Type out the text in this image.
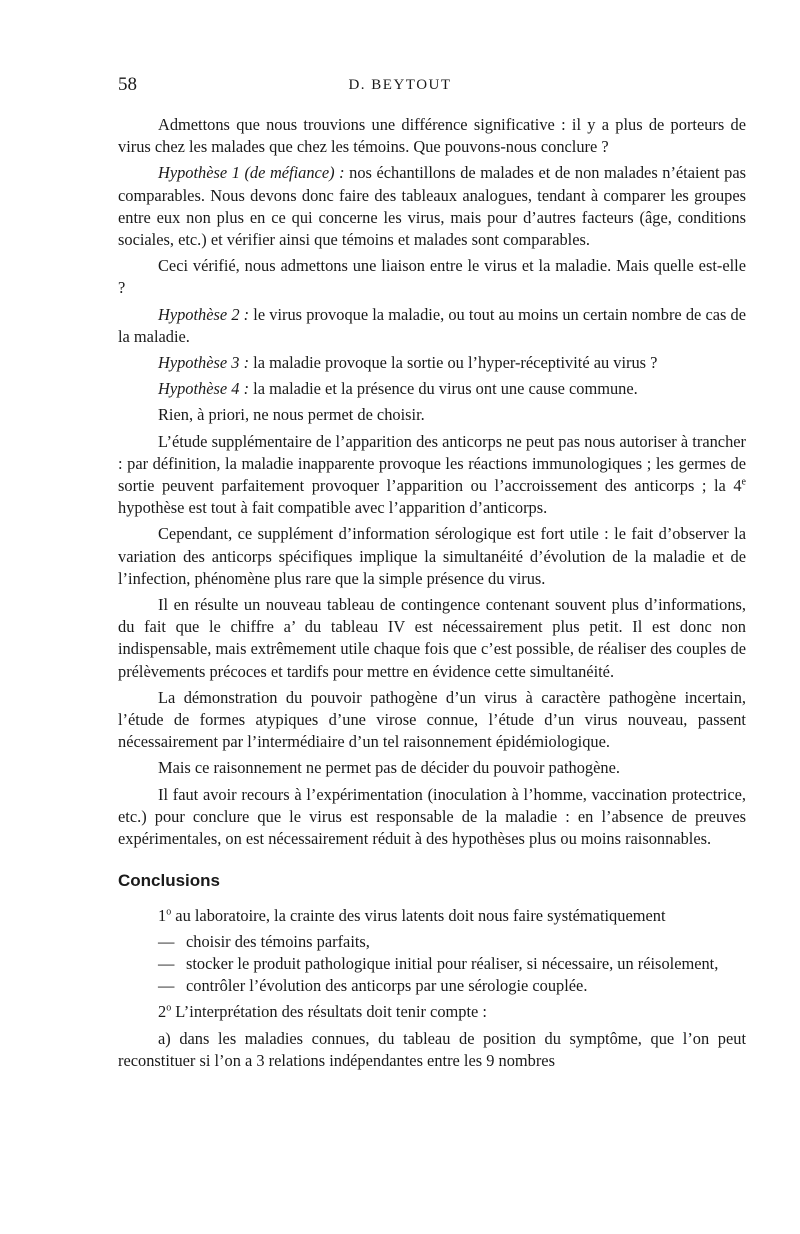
58	D. BEYTOUT

Admettons que nous trouvions une différence significative : il y a plus de porteurs de virus chez les malades que chez les témoins. Que pouvons-nous conclure ?

Hypothèse 1 (de méfiance) : nos échantillons de malades et de non malades n’étaient pas comparables. Nous devons donc faire des tableaux analogues, tendant à comparer les groupes entre eux non plus en ce qui concerne les virus, mais pour d’autres facteurs (âge, conditions sociales, etc.) et vérifier ainsi que témoins et malades sont comparables.

Ceci vérifié, nous admettons une liaison entre le virus et la maladie. Mais quelle est-elle ?

Hypothèse 2 : le virus provoque la maladie, ou tout au moins un certain nombre de cas de la maladie.

Hypothèse 3 : la maladie provoque la sortie ou l’hyper-réceptivité au virus ?

Hypothèse 4 : la maladie et la présence du virus ont une cause commune.

Rien, à priori, ne nous permet de choisir.

L’étude supplémentaire de l’apparition des anticorps ne peut pas nous autoriser à trancher : par définition, la maladie inapparente provoque les réactions immunologiques ; les germes de sortie peuvent parfaitement provoquer l’apparition ou l’accroissement des anticorps ; la 4e hypothèse est tout à fait compatible avec l’apparition d’anticorps.

Cependant, ce supplément d’information sérologique est fort utile : le fait d’observer la variation des anticorps spécifiques implique la simultanéité d’évolution de la maladie et de l’infection, phénomène plus rare que la simple présence du virus.

Il en résulte un nouveau tableau de contingence contenant souvent plus d’informations, du fait que le chiffre a’ du tableau IV est nécessairement plus petit. Il est donc non indispensable, mais extrêmement utile chaque fois que c’est possible, de réaliser des couples de prélèvements précoces et tardifs pour mettre en évidence cette simultanéité.

La démonstration du pouvoir pathogène d’un virus à caractère pathogène incertain, l’étude de formes atypiques d’une virose connue, l’étude d’un virus nouveau, passent nécessairement par l’intermédiaire d’un tel raisonnement épidémiologique.

Mais ce raisonnement ne permet pas de décider du pouvoir pathogène.

Il faut avoir recours à l’expérimentation (inoculation à l’homme, vaccination protectrice, etc.) pour conclure que le virus est responsable de la maladie : en l’absence de preuves expérimentales, on est nécessairement réduit à des hypothèses plus ou moins raisonnables.

Conclusions

1$^o$ au laboratoire, la crainte des virus latents doit nous faire systématiquement

— choisir des témoins parfaits,
— stocker le produit pathologique initial pour réaliser, si nécessaire, un réisolement,
— contrôler l’évolution des anticorps par une sérologie couplée.

2$^o$ L’interprétation des résultats doit tenir compte :

a) dans les maladies connues, du tableau de position du symptôme, que l’on peut reconstituer si l’on a 3 relations indépendantes entre les 9 nombres
